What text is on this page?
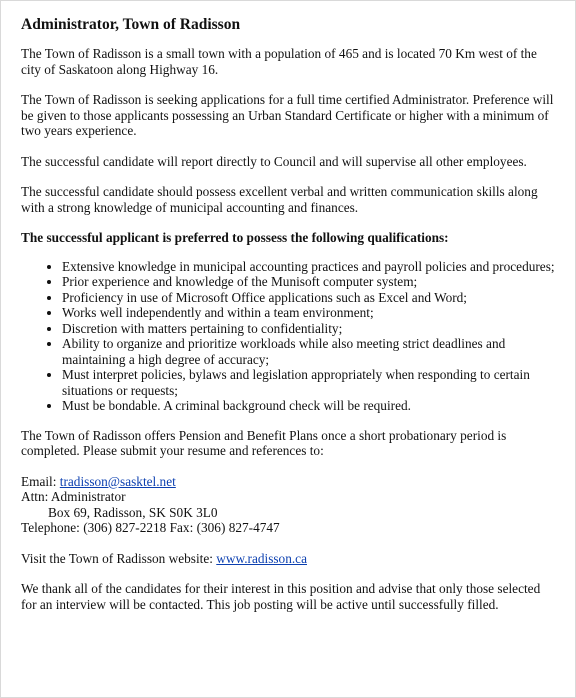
Administrator, Town of Radisson

The Town of Radisson is a small town with a population of 465 and is located 70 Km west of the city of Saskatoon along Highway 16.

The Town of Radisson is seeking applications for a full time certified Administrator. Preference will be given to those applicants possessing an Urban Standard Certificate or higher with a minimum of two years experience.

The successful candidate will report directly to Council and will supervise all other employees.

The successful candidate should possess excellent verbal and written communication skills along with a strong knowledge of municipal accounting and finances.

The successful applicant is preferred to possess the following qualifications:
• Extensive knowledge in municipal accounting practices and payroll policies and procedures;
• Prior experience and knowledge of the Munisoft computer system;
• Proficiency in use of Microsoft Office applications such as Excel and Word;
• Works well independently and within a team environment;
• Discretion with matters pertaining to confidentiality;
• Ability to organize and prioritize workloads while also meeting strict deadlines and maintaining a high degree of accuracy;
• Must interpret policies, bylaws and legislation appropriately when responding to certain situations or requests;
• Must be bondable. A criminal background check will be required.

The Town of Radisson offers Pension and Benefit Plans once a short probationary period is completed. Please submit your resume and references to:

Email: tradisson@sasktel.net
Attn: Administrator
Box 69, Radisson, SK S0K 3L0
Telephone: (306) 827-2218 Fax: (306) 827-4747

Visit the Town of Radisson website: www.radisson.ca

We thank all of the candidates for their interest in this position and advise that only those selected for an interview will be contacted. This job posting will be active until successfully filled.
